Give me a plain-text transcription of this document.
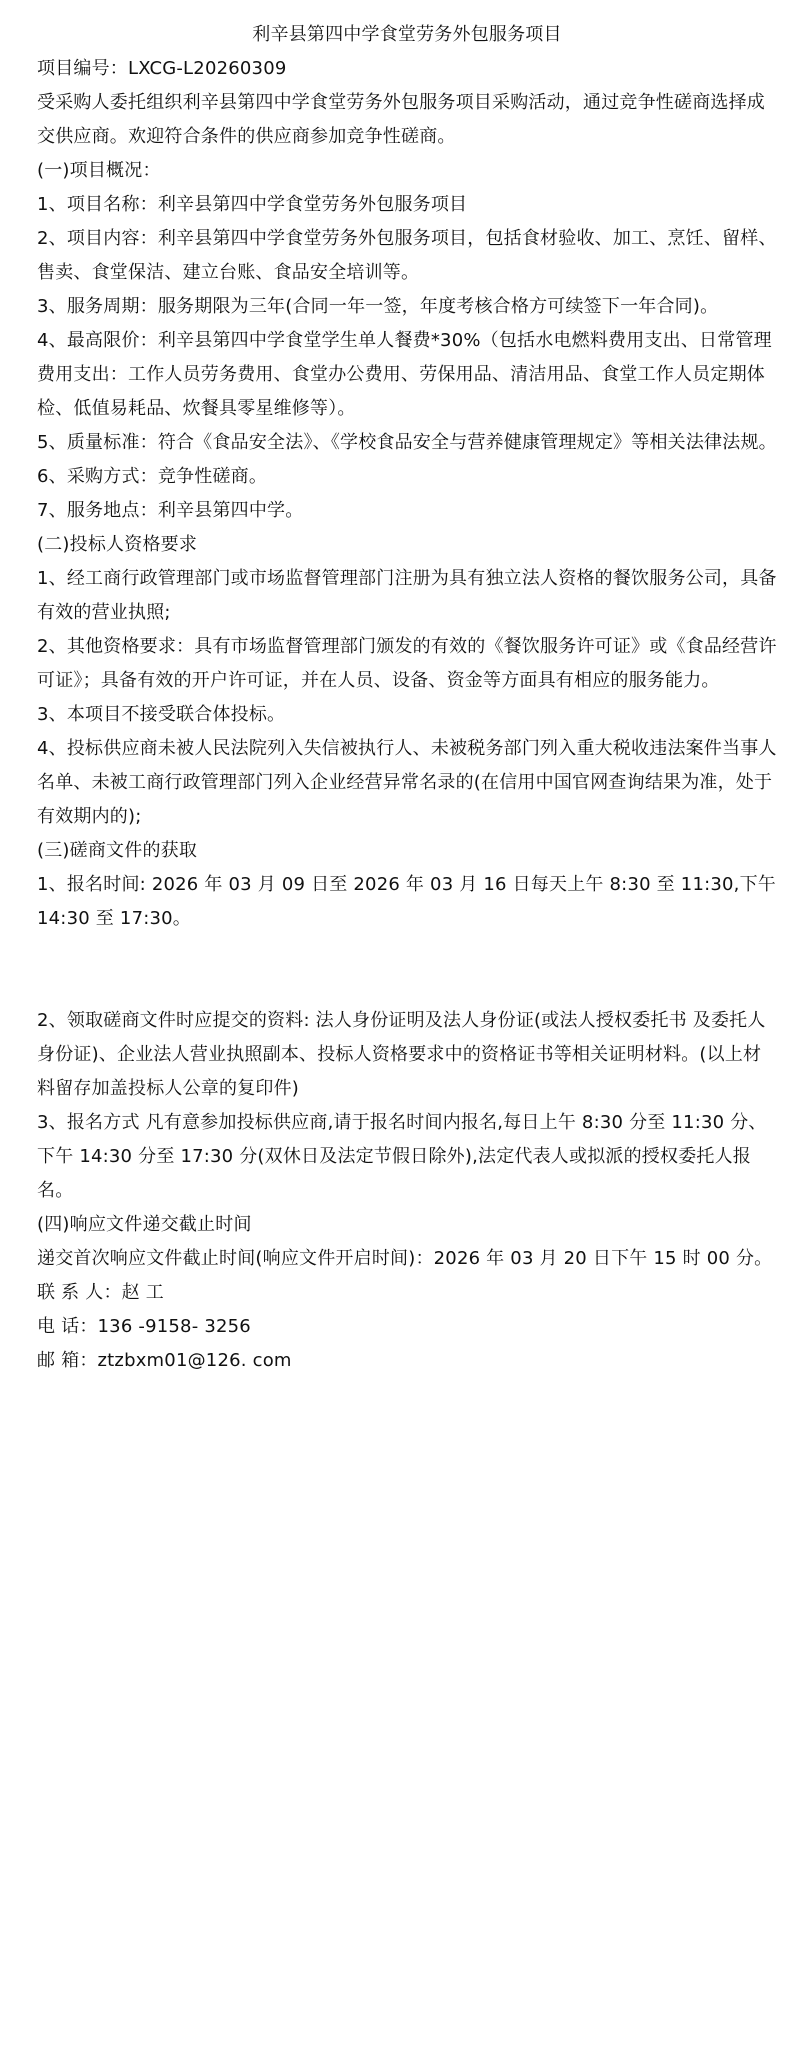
利辛县第四中学食堂劳务外包服务项目

项目编号：LXCG-L20260309

受采购人委托组织利辛县第四中学食堂劳务外包服务项目采购活动，通过竞争性磋商选择成交供应商。欢迎符合条件的供应商参加竞争性磋商。

(一)项目概况：

1、项目名称：利辛县第四中学食堂劳务外包服务项目

2、项目内容：利辛县第四中学食堂劳务外包服务项目，包括食材验收、加工、烹饪、留样、售卖、食堂保洁、建立台账、食品安全培训等。

3、服务周期：服务期限为三年(合同一年一签，年度考核合格方可续签下一年合同)。

4、最高限价：利辛县第四中学食堂学生单人餐费*30%（包括水电燃料费用支出、日常管理费用支出：工作人员劳务费用、食堂办公费用、劳保用品、清洁用品、食堂工作人员定期体检、低值易耗品、炊餐具零星维修等）。

5、质量标准：符合《食品安全法》、《学校食品安全与营养健康管理规定》等相关法律法规。

6、采购方式：竞争性磋商。

7、服务地点：利辛县第四中学。

(二)投标人资格要求

1、经工商行政管理部门或市场监督管理部门注册为具有独立法人资格的餐饮服务公司，具备有效的营业执照;

2、其他资格要求：具有市场监督管理部门颁发的有效的《餐饮服务许可证》或《食品经营许可证》；具备有效的开户许可证，并在人员、设备、资金等方面具有相应的服务能力。

3、本项目不接受联合体投标。

4、投标供应商未被人民法院列入失信被执行人、未被税务部门列入重大税收违法案件当事人名单、未被工商行政管理部门列入企业经营异常名录的(在信用中国官网查询结果为准，处于有效期内的);

(三)磋商文件的获取

1、报名时间: 2026 年 03 月 09 日至 2026 年 03 月 16 日每天上午 8:30 至 11:30,下午 14:30 至 17:30。

2、领取磋商文件时应提交的资料: 法人身份证明及法人身份证(或法人授权委托书 及委托人身份证)、企业法人营业执照副本、投标人资格要求中的资格证书等相关证明材料。(以上材料留存加盖投标人公章的复印件)

3、报名方式 凡有意参加投标供应商,请于报名时间内报名,每日上午 8:30 分至 11:30 分、下午 14:30 分至 17:30 分(双休日及法定节假日除外),法定代表人或拟派的授权委托人报名。

(四)响应文件递交截止时间

递交首次响应文件截止时间(响应文件开启时间)：2026 年 03 月 20 日下午 15 时 00 分。

联 系 人：赵 工

电 话：136 -9158- 3256

邮 箱：ztzbxm01@126. com
